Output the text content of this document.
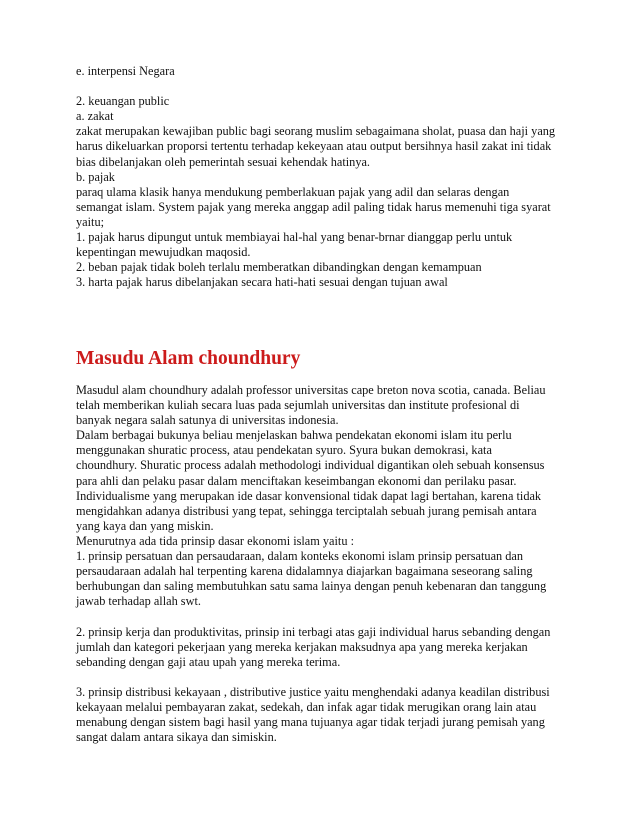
e. interpensi Negara
2. keuangan public
a. zakat
zakat merupakan kewajiban public bagi seorang muslim sebagaimana sholat, puasa dan haji yang
harus dikeluarkan proporsi tertentu terhadap kekeyaan atau output bersihnya hasil zakat ini tidak
bias dibelanjakan oleh pemerintah sesuai kehendak hatinya.
b. pajak
paraq ulama klasik hanya mendukung pemberlakuan pajak yang adil dan selaras dengan
semangat islam. System pajak yang mereka anggap adil paling tidak harus memenuhi tiga syarat
yaitu;
1. pajak harus dipungut untuk membiayai hal-hal yang benar-brnar dianggap perlu untuk
kepentingan mewujudkan maqosid.
2. beban pajak tidak boleh terlalu memberatkan dibandingkan dengan kemampuan
3. harta pajak harus dibelanjakan secara hati-hati sesuai dengan tujuan awal

Masudu Alam choundhury

Masudul alam choundhury adalah professor universitas cape breton nova scotia, canada. Beliau
telah memberikan kuliah secara luas pada sejumlah universitas dan institute profesional di
banyak negara salah satunya di universitas indonesia.
Dalam berbagai bukunya beliau menjelaskan bahwa pendekatan ekonomi islam itu perlu
menggunakan shuratic process, atau pendekatan syuro. Syura bukan demokrasi, kata
choundhury. Shuratic process adalah methodologi individual digantikan oleh sebuah konsensus
para ahli dan pelaku pasar dalam menciftakan keseimbangan ekonomi dan perilaku pasar.
Individualisme yang merupakan ide dasar konvensional tidak dapat lagi bertahan, karena tidak
mengidahkan adanya distribusi yang tepat, sehingga terciptalah sebuah jurang pemisah antara
yang kaya dan yang miskin.
Menurutnya ada tida prinsip dasar ekonomi islam yaitu :
1. prinsip persatuan dan persaudaraan, dalam konteks ekonomi islam prinsip persatuan dan
persaudaraan adalah hal terpenting karena didalamnya diajarkan bagaimana seseorang saling
berhubungan dan saling membutuhkan satu sama lainya dengan penuh kebenaran dan tanggung
jawab terhadap allah swt.
2. prinsip kerja dan produktivitas, prinsip ini terbagi atas gaji individual harus sebanding dengan
jumlah dan kategori pekerjaan yang mereka kerjakan maksudnya apa yang mereka kerjakan
sebanding dengan gaji atau upah yang mereka terima.
3. prinsip distribusi kekayaan , distributive justice yaitu menghendaki adanya keadilan distribusi
kekayaan melalui pembayaran zakat, sedekah, dan infak agar tidak merugikan orang lain atau
menabung dengan sistem bagi hasil yang mana tujuanya agar tidak terjadi jurang pemisah yang
sangat dalam antara sikaya dan simiskin.
